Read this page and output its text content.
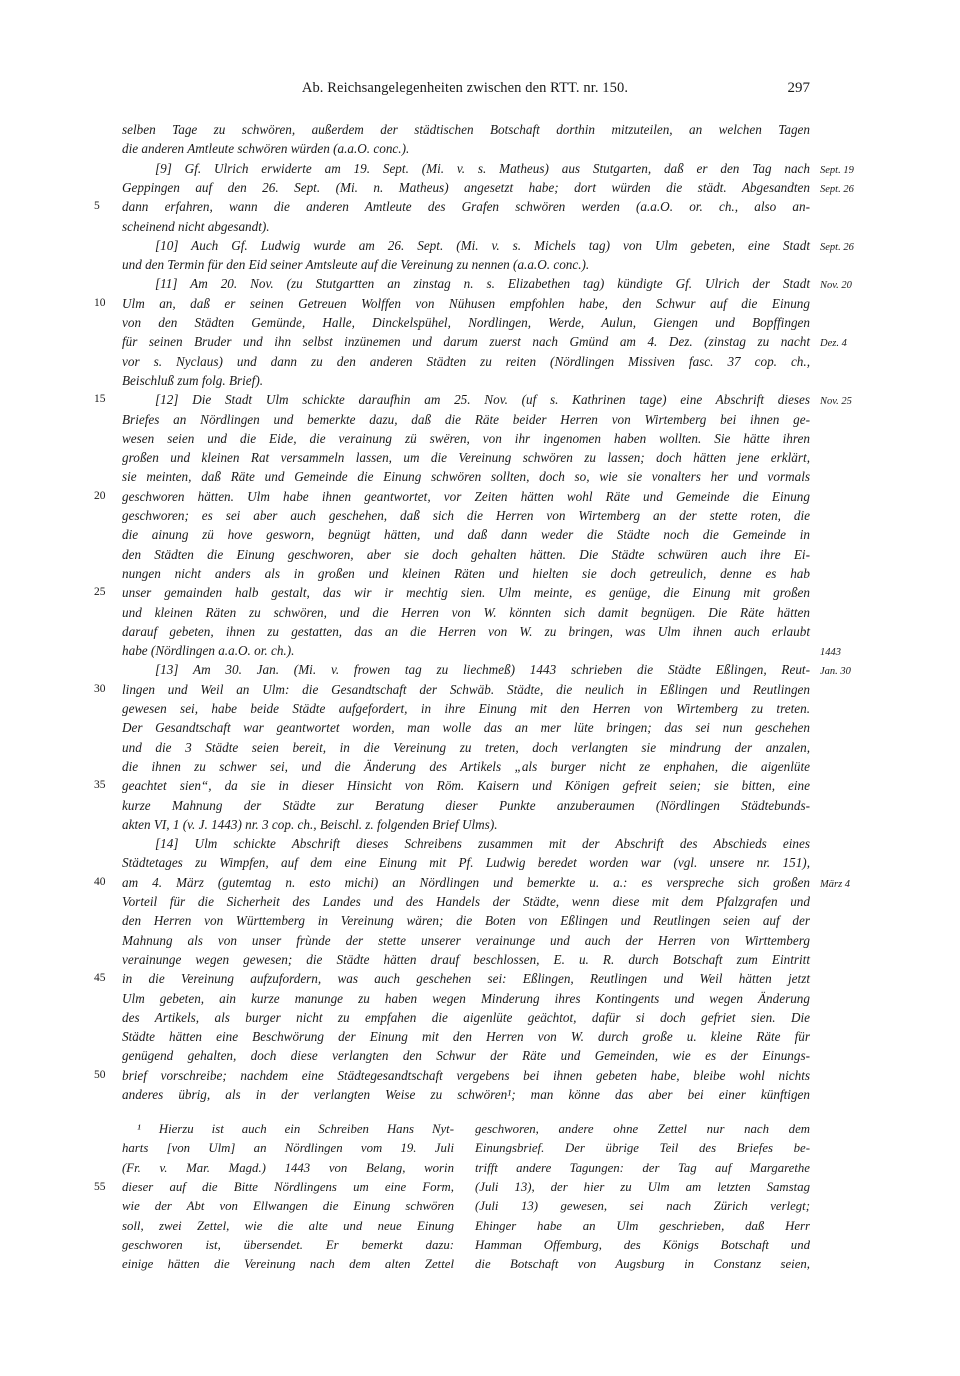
Ab. Reichsangelegenheiten zwischen den RTT. nr. 150.	297
selben Tage zu schwören, außerdem der städtischen Botschaft dorthin mitzuteilen, an welchen Tagen
die anderen Amtleute schwören würden (a.a.O. conc.).
[9] Gf. Ulrich erwiderte am 19. Sept. (Mi. v. s. Matheus) aus Stutgarten, daß er den Tag nach Sept. 19
Geppingen auf den 26. Sept. (Mi. n. Matheus) angesetzt habe; dort würden die städt. Abgesandten Sept. 26
dann erfahren, wann die anderen Amtleute des Grafen schwören werden (a.a.O. or. ch., also an-
5
scheinend nicht abgesandt).
[10] Auch Gf. Ludwig wurde am 26. Sept. (Mi. v. s. Michels tag) von Ulm gebeten, eine Stadt Sept. 26
und den Termin für den Eid seiner Amtsleute auf die Vereinung zu nennen (a.a.O. conc.).
[11] Am 20. Nov. (zu Stutgartten an zinstag n. s. Elizabethen tag) kündigte Gf. Ulrich der Stadt Nov. 20
Ulm an, daß er seinen Getreuen Wolffen von Nühusen empfohlen habe, den Schwur auf die Einung
10
von den Städten Gemünde, Halle, Dinckelspühel, Nordlingen, Werde, Aulun, Giengen und Bopffingen
für seinen Bruder und ihn selbst inzünemen und darum zuerst nach Gmünd am 4. Dez. (zinstag zu nacht Dez. 4
vor s. Nyclaus) und dann zu den anderen Städten zu reiten (Nördlingen Missiven fasc. 37 cop. ch.,
Beischluß zum folg. Brief).
[12] Die Stadt Ulm schickte daraufhin am 25. Nov. (uf s. Kathrinen tage) eine Abschrift dieses
15	Nov. 25
Briefes an Nördlingen und bemerkte dazu, daß die Räte beider Herren von Wirtemberg bei ihnen ge-
wesen seien und die Eide, die verainung zü swëren, von ihr ingenomen haben wollten. Sie hätte ihren
großen und kleinen Rat versammeln lassen, um die Vereinung schwören zu lassen; doch hätten jene erklärt,
sie meinten, daß Räte und Gemeinde die Einung schwören sollten, doch so, wie sie vonalters her und vormals
geschworen hätten. Ulm habe ihnen geantwortet, vor Zeiten hätten wohl Räte und Gemeinde die Einung
20
geschworen; es sei aber auch geschehen, daß sich die Herren von Wirtemberg an der stette roten, die
die ainung zü hove gesworn, begnügt hätten, und daß dann weder die Städte noch die Gemeinde in
den Städten die Einung geschworen, aber sie doch gehalten hätten. Die Städte schwüren auch ihre Ei-
nungen nicht anders als in großen und kleinen Räten und hielten sie doch getreulich, denne es hab
unser gemainden halb gestalt, das wir ir mechtig sien. Ulm meinte, es genüge, die Einung mit großen
25
und kleinen Räten zu schwören, und die Herren von W. könnten sich damit begnügen. Die Räte hätten
darauf gebeten, ihnen zu gestatten, das an die Herren von W. zu bringen, was Ulm ihnen auch erlaubt
habe (Nördlingen a.a.O. or. ch.).	1443
[13] Am 30. Jan. (Mi. v. frowen tag zu liechmeß) 1443 schrieben die Städte Eßlingen, Reut- Jan. 30
lingen und Weil an Ulm: die Gesandtschaft der Schwäb. Städte, die neulich in Eßlingen und Reutlingen
30
gewesen sei, habe beide Städte aufgefordert, in ihre Einung mit den Herren von Wirtemberg zu treten.
Der Gesandtschaft war geantwortet worden, man wolle das an mer lüte bringen; das sei nun geschehen
und die 3 Städte seien bereit, in die Vereinung zu treten, doch verlangten sie mindrung der anzalen,
die ihnen zu schwer sei, und die Änderung des Artikels „als burger nicht ze enphahen, die aigenlüte
geachtet sien“, da sie in dieser Hinsicht von Röm. Kaisern und Königen gefreit seien; sie bitten, eine
35
kurze Mahnung der Städte zur Beratung dieser Punkte anzuberaumen (Nördlingen Städtebunds-
akten VI, 1 (v. J. 1443) nr. 3 cop. ch., Beischl. z. folgenden Brief Ulms).
[14] Ulm schickte Abschrift dieses Schreibens zusammen mit der Abschrift des Abschieds eines
Städtetages zu Wimpfen, auf dem eine Einung mit Pf. Ludwig beredet worden war (vgl. unsere nr. 151),
am 4. März (gutemtag n. esto michi) an Nördlingen und bemerkte u. a.: es verspreche sich großen
40	März 4
Vorteil für die Sicherheit des Landes und des Handels der Städte, wenn diese mit dem Pfalzgrafen und
den Herren von Württemberg in Vereinung wären; die Boten von Eßlingen und Reutlingen seien auf der
Mahnung als von unser frùnde der stette unserer verainunge und auch der Herren von Wirttemberg
verainunge wegen gewesen; die Städte hätten drauf beschlossen, E. u. R. durch Botschaft zum Eintritt
in die Vereinung aufzufordern, was auch geschehen sei: Eßlingen, Reutlingen und Weil hätten jetzt
45
Ulm gebeten, ain kurze manunge zu haben wegen Minderung ihres Kontingents und wegen Änderung
des Artikels, als burger nicht zu empfahen die aigenlüte geächtot, dafür si doch gefriet sien. Die
Städte hätten eine Beschwörung der Einung mit den Herren von W. durch große u. kleine Räte für
genügend gehalten, doch diese verlangten den Schwur der Räte und Gemeinden, wie es der Einungs-
brief vorschreibe; nachdem eine Städtegesandtschaft vergebens bei ihnen gebeten habe, bleibe wohl nichts
50
anderes übrig, als in der verlangten Weise zu schwören¹; man könne das aber bei einer künftigen
¹ Hierzu ist auch ein Schreiben Hans Nyt-
harts [von Ulm] an Nördlingen vom 19. Juli
(Fr. v. Mar. Magd.) 1443 von Belang, worin
dieser auf die Bitte Nördlingens um eine Form,
55
wie der Abt von Ellwangen die Einung schwören
soll, zwei Zettel, wie die alte und neue Einung
geschworen ist, übersendet. Er bemerkt dazu:
einige hätten die Vereinung nach dem alten Zettel
geschworen, andere ohne Zettel nur nach dem
Einungsbrief. Der übrige Teil des Briefes be-
trifft andere Tagungen: der Tag auf Margarethe
(Juli 13), der hier zu Ulm am letzten Samstag
(Juli 13) gewesen, sei nach Zürich verlegt;
Ehinger habe an Ulm geschrieben, daß Herr
Hamman Offemburg, des Königs Botschaft und
die Botschaft von Augsburg in Constanz seien,
